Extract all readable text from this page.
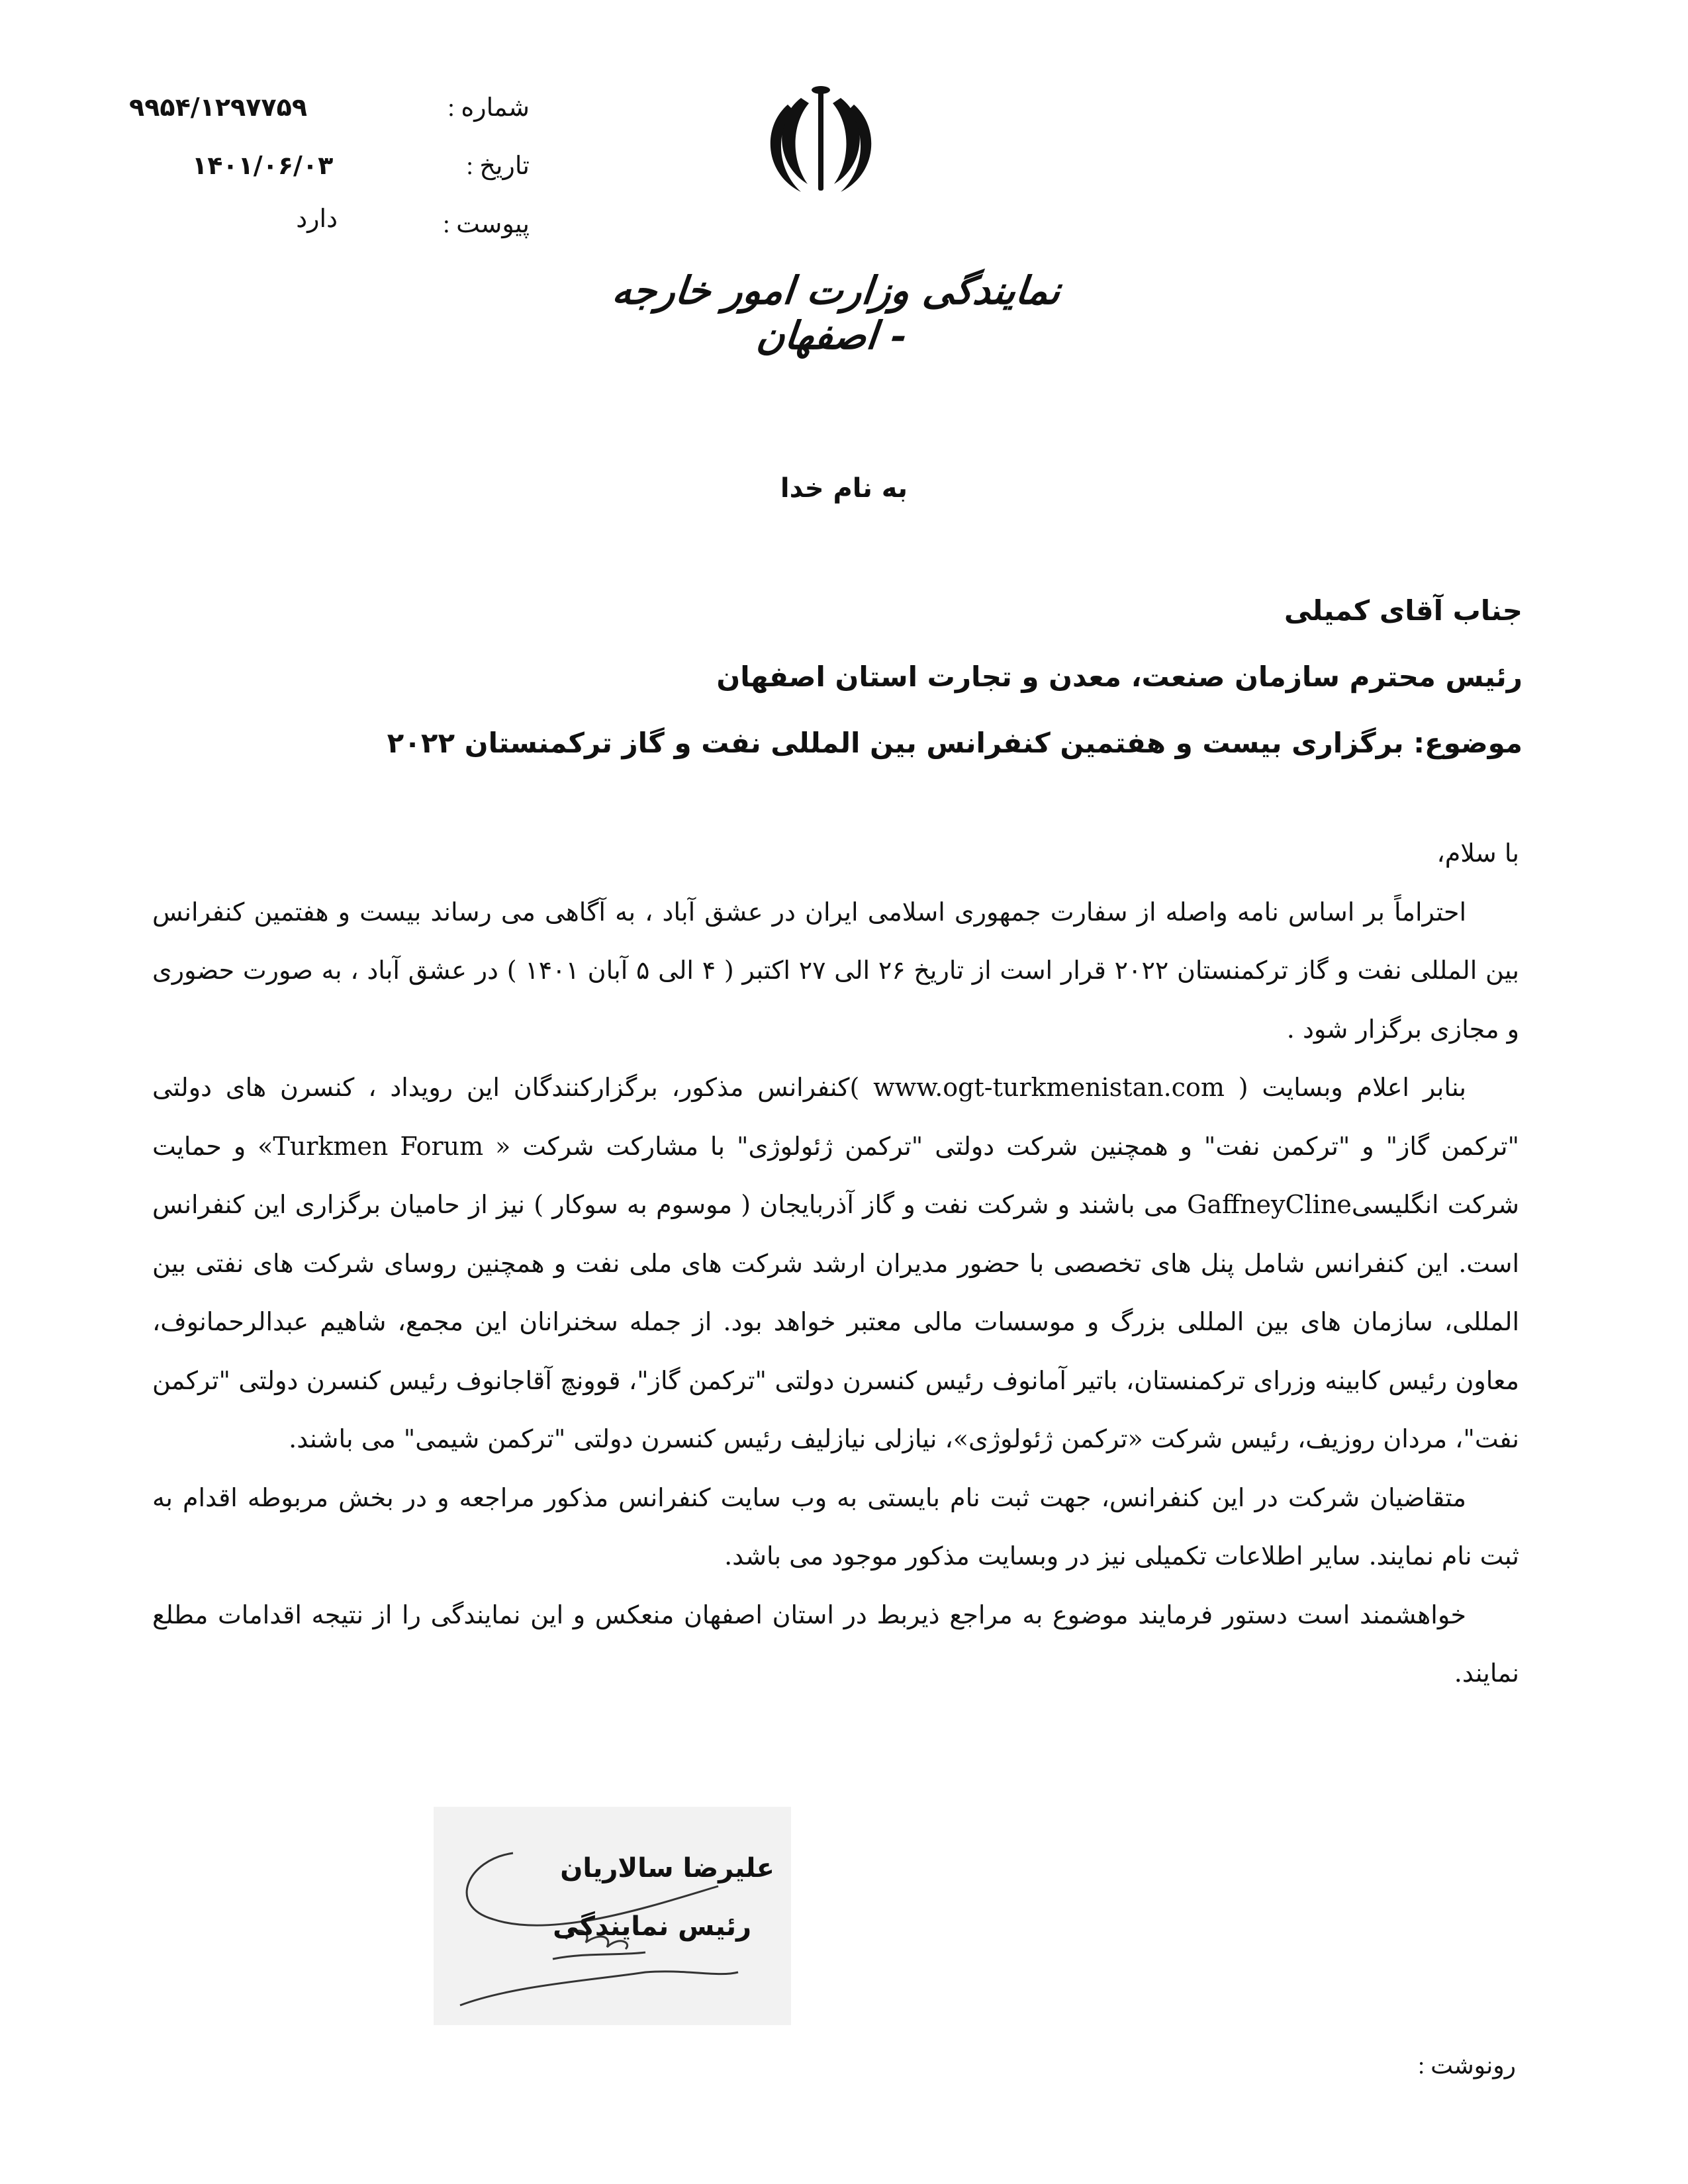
شماره :
۹۹۵۴/۱۲۹۷۷۵۹
تاریخ :
۱۴۰۱/۰۶/۰۳
پیوست :
دارد
نمایندگی وزارت امور خارجه - اصفهان
به نام خدا
جناب آقای کمیلی
رئیس محترم سازمان صنعت، معدن و تجارت استان اصفهان
موضوع: برگزاری بیست و هفتمین کنفرانس بین المللی نفت و گاز ترکمنستان ۲۰۲۲

با سلام،

احتراماً بر اساس نامه واصله از سفارت جمهوری اسلامی ایران در عشق آباد ، به آگاهی می رساند بیست و هفتمین کنفرانس بین المللی نفت و گاز ترکمنستان ۲۰۲۲ قرار است از تاریخ ۲۶ الی ۲۷ اکتبر ( ۴ الی ۵ آبان ۱۴۰۱ ) در عشق آباد ، به صورت حضوری و مجازی برگزار شود .

بنابر اعلام وبسایت ( www.ogt-turkmenistan.com )کنفرانس مذکور، برگزارکنندگان این رویداد ، کنسرن های دولتی "ترکمن گاز" و "ترکمن نفت" و همچنین شرکت دولتی "ترکمن ژئولوژی" با مشارکت شرکت « Turkmen Forum» و حمایت شرکت انگلیسیGaffneyCline می باشند و شرکت نفت و گاز آذربایجان ( موسوم به سوکار ) نیز از حامیان برگزاری این کنفرانس است. این کنفرانس شامل پنل های تخصصی با حضور مدیران ارشد شرکت های ملی نفت و همچنین روسای شرکت های نفتی بین المللی، سازمان های بین المللی بزرگ و موسسات مالی معتبر خواهد بود. از جمله سخنرانان این مجمع، شاهیم عبدالرحمانوف، معاون رئیس کابینه وزرای ترکمنستان، باتیر آمانوف رئیس کنسرن دولتی "ترکمن گاز"، قوونچ آقاجانوف رئیس کنسرن دولتی "ترکمن نفت"، مردان روزیف، رئیس شرکت «ترکمن ژئولوژی»، نیازلی نیازلیف رئیس کنسرن دولتی "ترکمن شیمی" می باشند.

متقاضیان شرکت در این کنفرانس، جهت ثبت نام بایستی به وب سایت کنفرانس مذکور مراجعه و در بخش مربوطه اقدام به ثبت نام نمایند. سایر اطلاعات تکمیلی نیز در وبسایت مذکور موجود می باشد.

خواهشمند است دستور فرمایند موضوع به مراجع ذیربط در استان اصفهان منعکس و این نمایندگی را از نتیجه اقدامات مطلع نمایند.

علیرضا سالاریان
رئیس نمایندگی
رونوشت :
